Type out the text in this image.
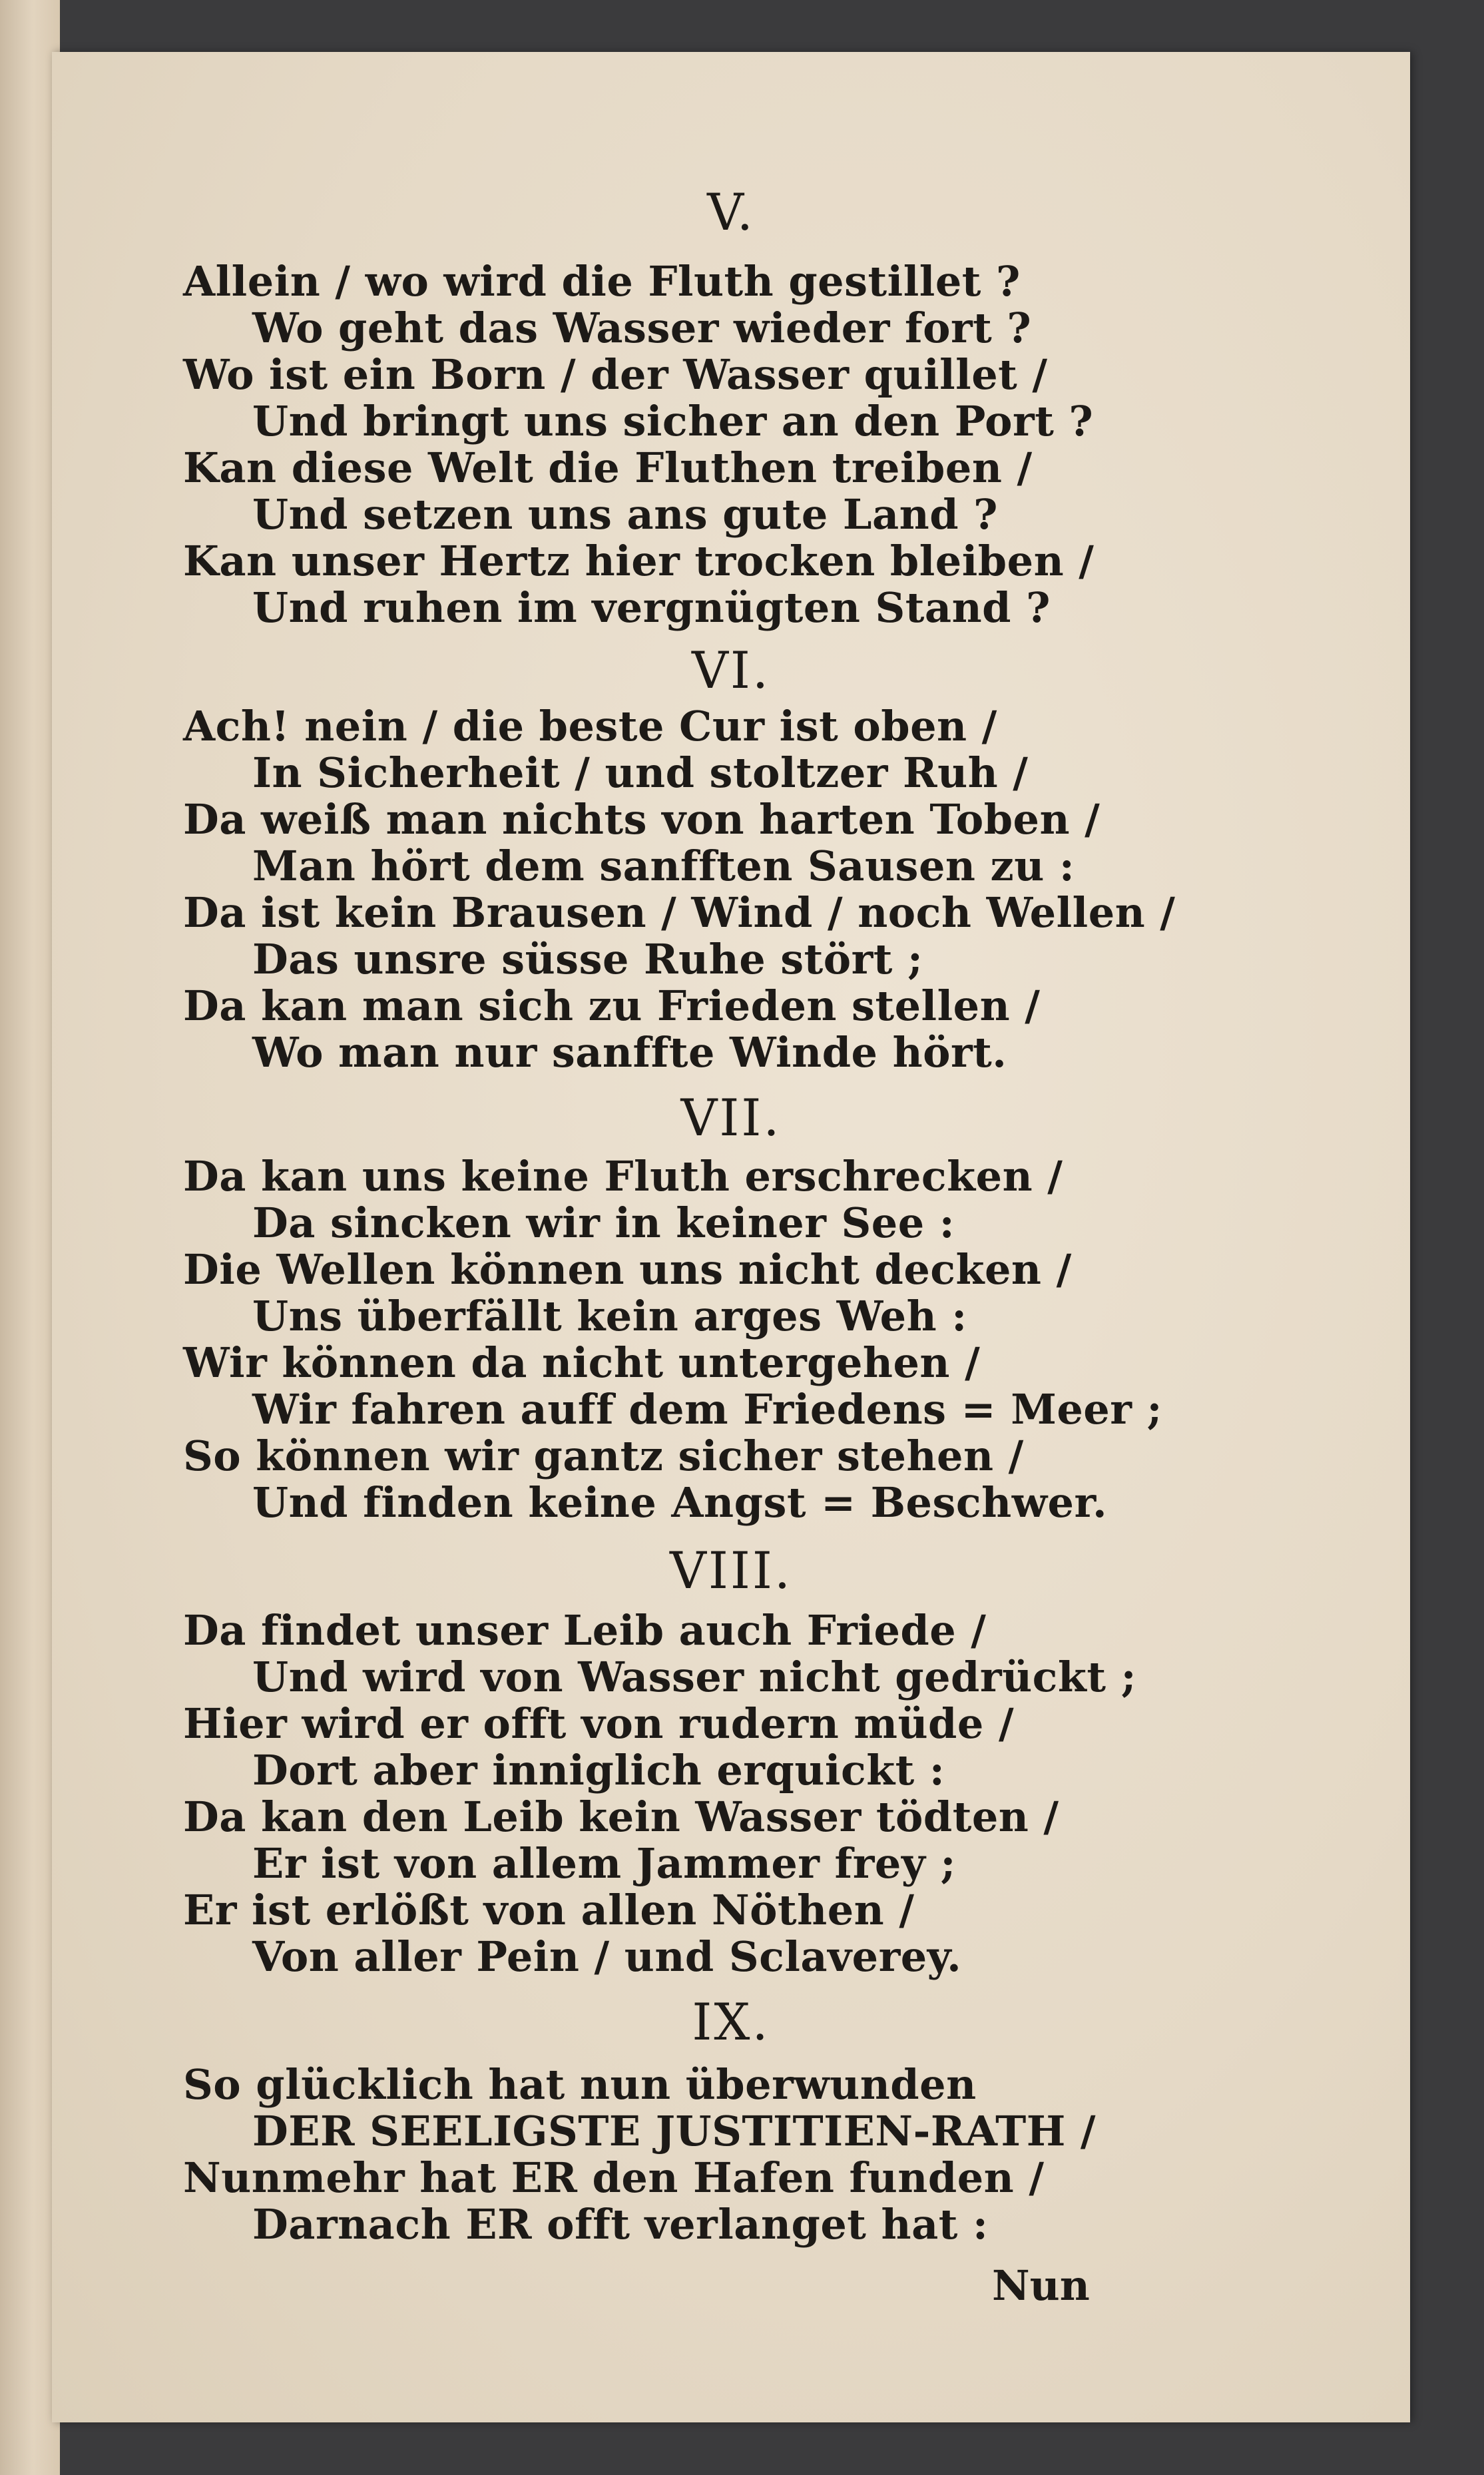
V.
Allein / wo wird die Fluth gestillet ?
Wo geht das Wasser wieder fort ?
Wo ist ein Born / der Wasser quillet /
Und bringt uns sicher an den Port ?
Kan diese Welt die Fluthen treiben /
Und setzen uns ans gute Land ?
Kan unser Hertz hier trocken bleiben /
Und ruhen im vergnügten Stand ?
VI.
Ach! nein / die beste Cur ist oben /
In Sicherheit / und stoltzer Ruh /
Da weiß man nichts von harten Toben /
Man hört dem sanfften Sausen zu :
Da ist kein Brausen / Wind / noch Wellen /
Das unsre süsse Ruhe stört ;
Da kan man sich zu Frieden stellen /
Wo man nur sanffte Winde hört.
VII.
Da kan uns keine Fluth erschrecken /
Da sincken wir in keiner See :
Die Wellen können uns nicht decken /
Uns überfällt kein arges Weh :
Wir können da nicht untergehen /
Wir fahren auff dem Friedens = Meer ;
So können wir gantz sicher stehen /
Und finden keine Angst = Beschwer.
VIII.
Da findet unser Leib auch Friede /
Und wird von Wasser nicht gedrückt ;
Hier wird er offt von rudern müde /
Dort aber inniglich erquickt :
Da kan den Leib kein Wasser tödten /
Er ist von allem Jammer frey ;
Er ist erlößt von allen Nöthen /
Von aller Pein / und Sclaverey.
IX.
So glücklich hat nun überwunden
DER SEELIGSTE JUSTITIEN-RATH /
Nunmehr hat ER den Hafen funden /
Darnach ER offt verlanget hat :
Nun
